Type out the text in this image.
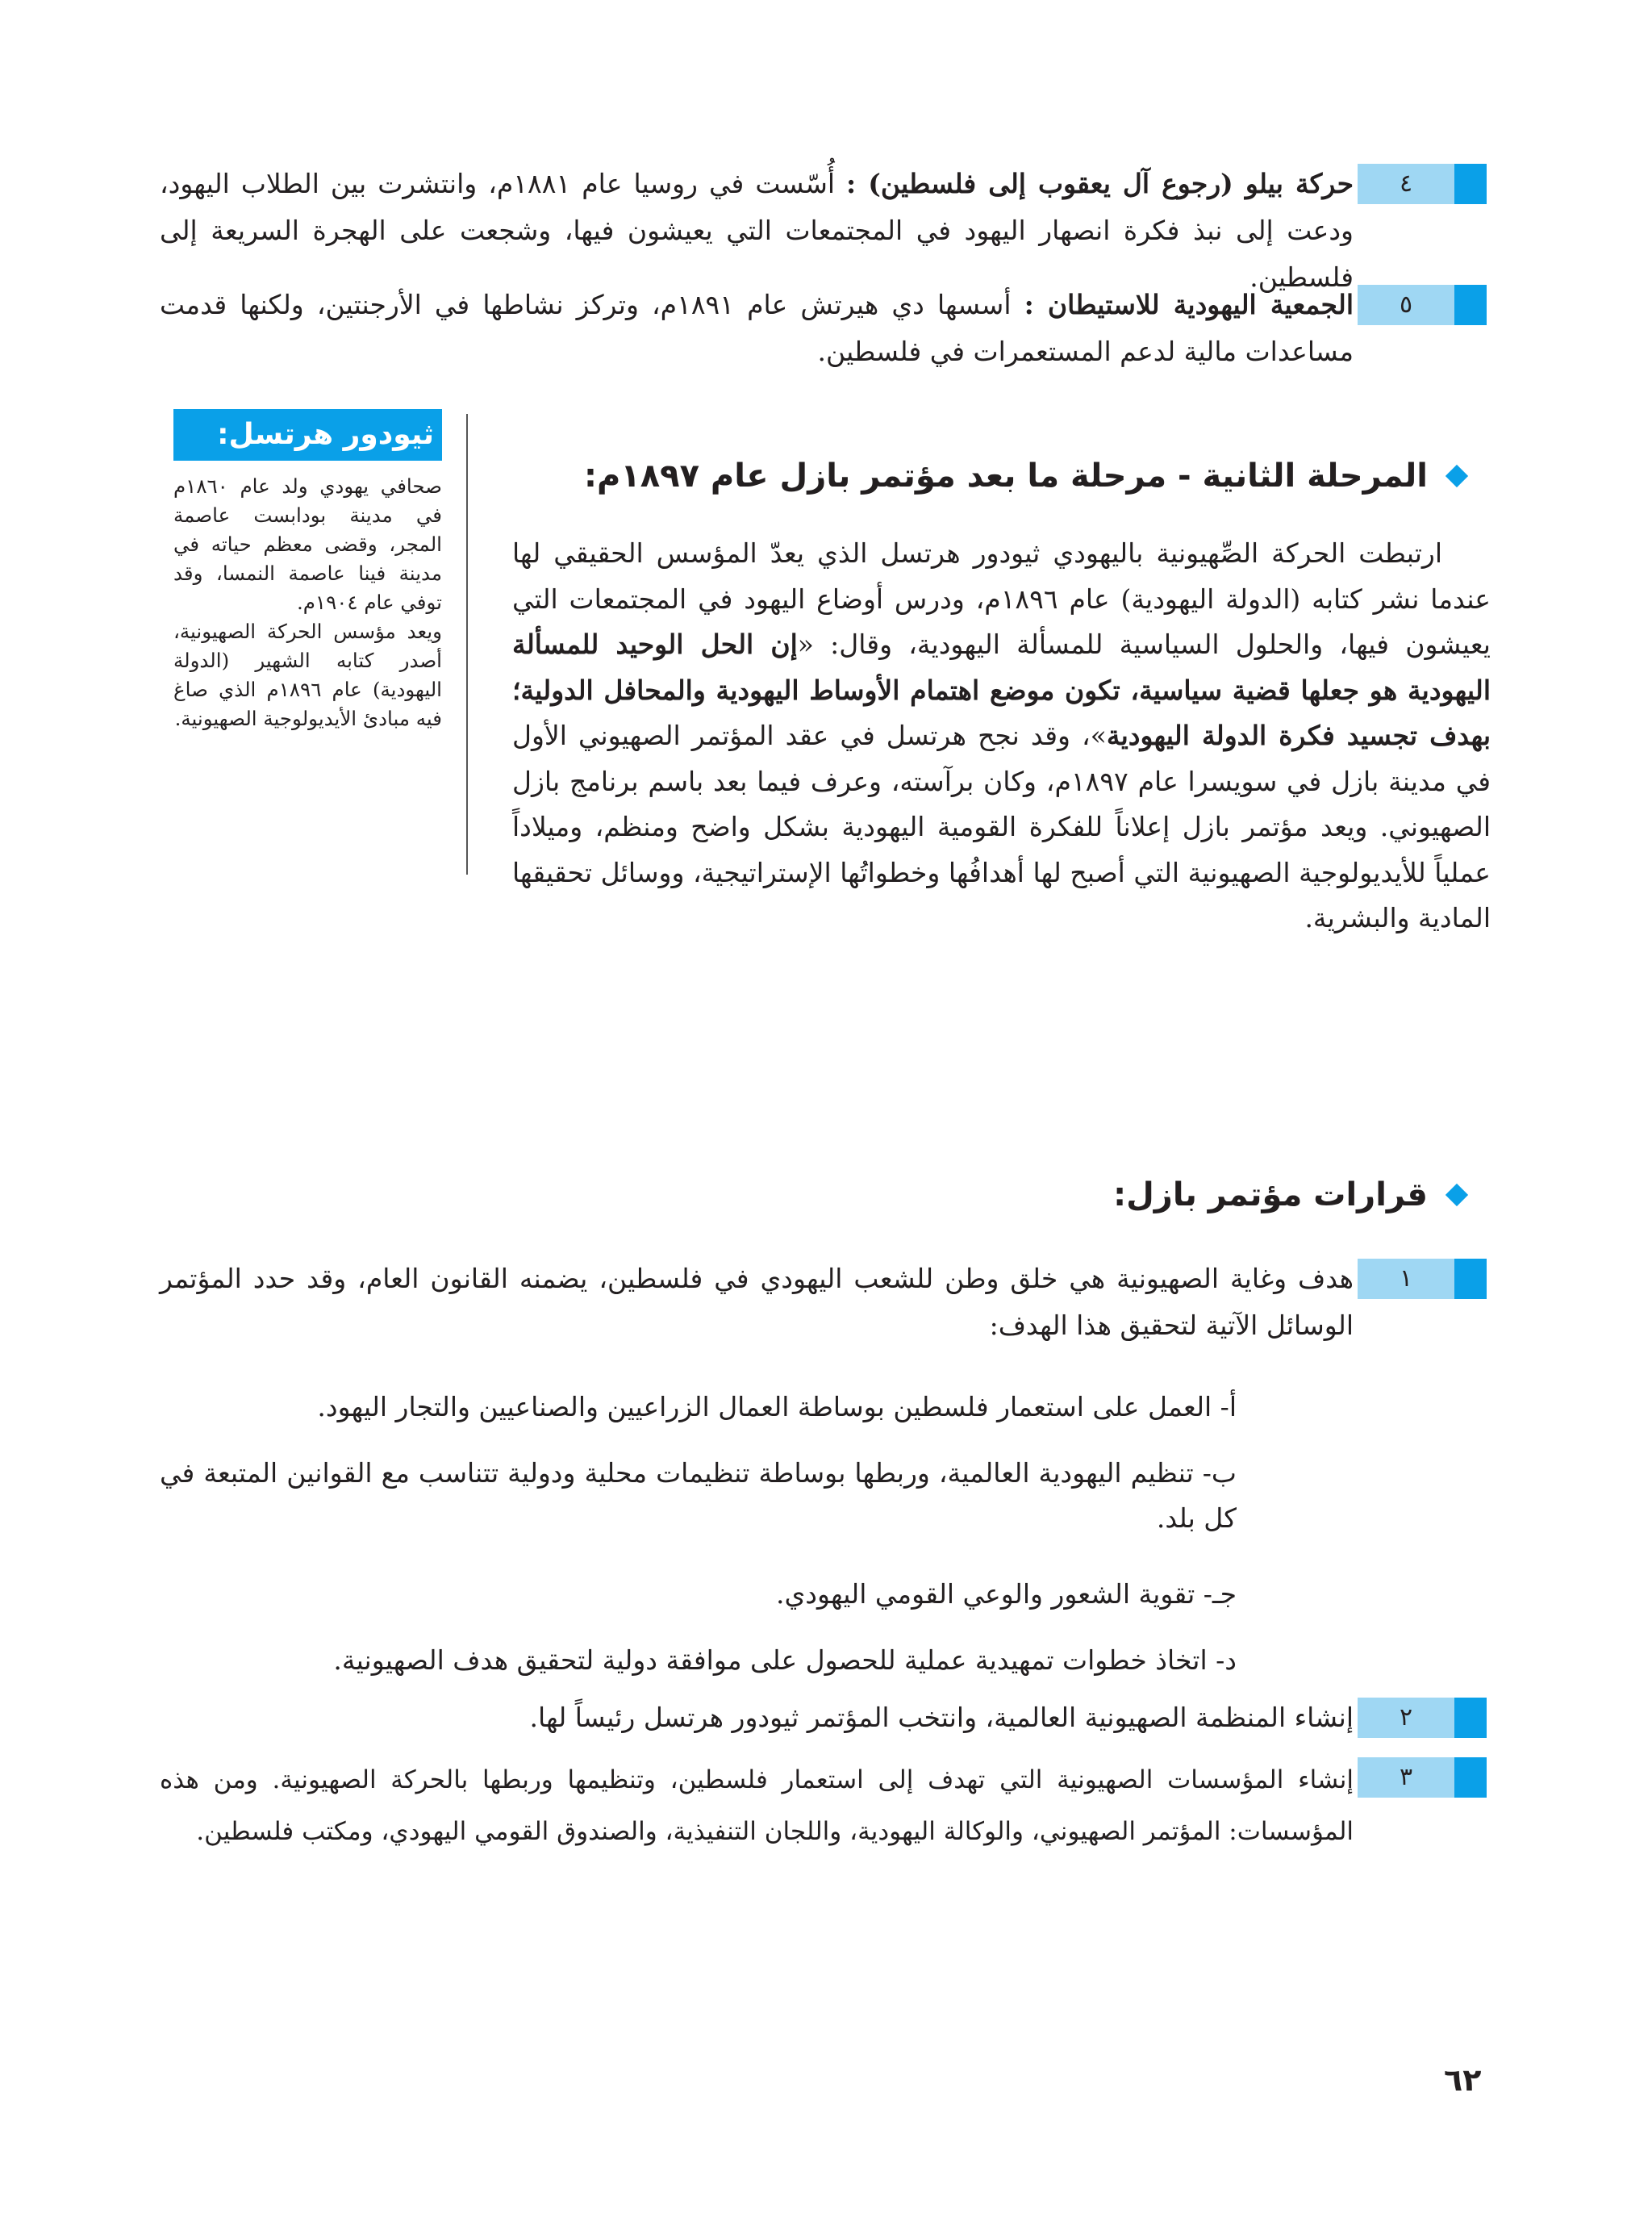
٤
حركة بيلو (رجوع آل يعقوب إلى فلسطين) : أُسّست في روسيا عام ١٨٨١م، وانتشرت بين الطلاب اليهود، ودعت إلى نبذ فكرة انصهار اليهود في المجتمعات التي يعيشون فيها، وشجعت على الهجرة السريعة إلى فلسطين.
٥
الجمعية اليهودية للاستيطان : أسسها دي هيرتش عام ١٨٩١م، وتركز نشاطها في الأرجنتين، ولكنها قدمت مساعدات مالية لدعم المستعمرات في فلسطين.
ثيودور هرتسل:
صحافي يهودي ولد عام ١٨٦٠م في مدينة بودابست عاصمة المجر، وقضى معظم حياته في مدينة فينا عاصمة النمسا، وقد توفي عام ١٩٠٤م.
ويعد مؤسس الحركة الصهيونية، أصدر كتابه الشهير (الدولة اليهودية) عام ١٨٩٦م الذي صاغ فيه مبادئ الأيديولوجية الصهيونية.
المرحلة الثانية - مرحلة ما بعد مؤتمر بازل عام ١٨٩٧م:
ارتبطت الحركة الصِّهيونية باليهودي ثيودور هرتسل الذي يعدّ المؤسس الحقيقي لها عندما نشر كتابه (الدولة اليهودية) عام ١٨٩٦م، ودرس أوضاع اليهود في المجتمعات التي يعيشون فيها، والحلول السياسية للمسألة اليهودية، وقال: «إن الحل الوحيد للمسألة اليهودية هو جعلها قضية سياسية، تكون موضع اهتمام الأوساط اليهودية والمحافل الدولية؛ بهدف تجسيد فكرة الدولة اليهودية»، وقد نجح هرتسل في عقد المؤتمر الصهيوني الأول في مدينة بازل في سويسرا عام ١٨٩٧م، وكان برآسته، وعرف فيما بعد باسم برنامج بازل الصهيوني. ويعد مؤتمر بازل إعلاناً للفكرة القومية اليهودية بشكل واضح ومنظم، وميلاداً عملياً للأيديولوجية الصهيونية التي أصبح لها أهدافُها وخطواتُها الإستراتيجية، ووسائل تحقيقها المادية والبشرية.
قرارات مؤتمر بازل:
١
هدف وغاية الصهيونية هي خلق وطن للشعب اليهودي في فلسطين، يضمنه القانون العام، وقد حدد المؤتمر الوسائل الآتية لتحقيق هذا الهدف:
أ- العمل على استعمار فلسطين بوساطة العمال الزراعيين والصناعيين والتجار اليهود.
ب- تنظيم اليهودية العالمية، وربطها بوساطة تنظيمات محلية ودولية تتناسب مع القوانين المتبعة في كل بلد.
جـ- تقوية الشعور والوعي القومي اليهودي.
د- اتخاذ خطوات تمهيدية عملية للحصول على موافقة دولية لتحقيق هدف الصهيونية.
٢
إنشاء المنظمة الصهيونية العالمية، وانتخب المؤتمر ثيودور هرتسل رئيساً لها.
٣
إنشاء المؤسسات الصهيونية التي تهدف إلى استعمار فلسطين، وتنظيمها وربطها بالحركة الصهيونية. ومن هذه المؤسسات: المؤتمر الصهيوني، والوكالة اليهودية، واللجان التنفيذية، والصندوق القومي اليهودي، ومكتب فلسطين.
٦٢
